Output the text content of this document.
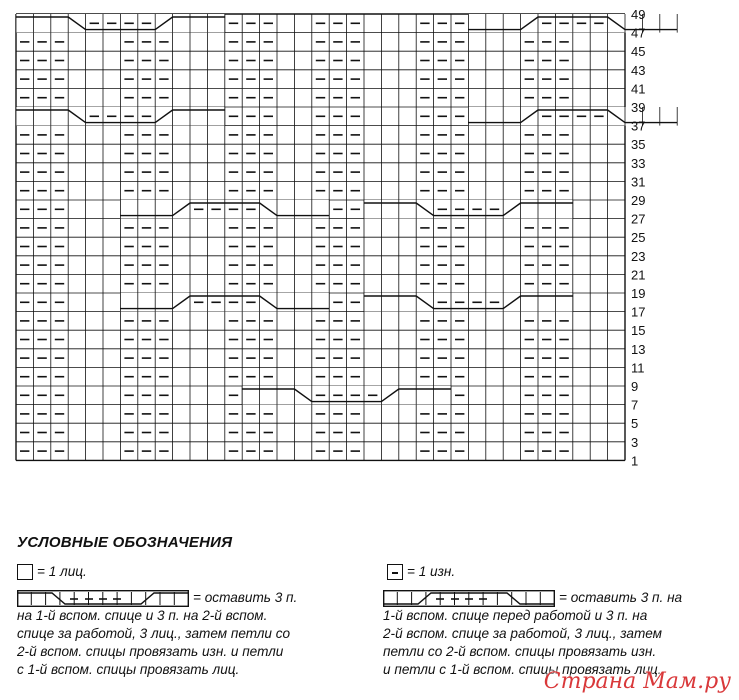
49
47
45
43
41
39
37
35
33
31
29
27
25
23
21
19
17
15
13
11
9
7
5
3
1
УСЛОВНЫЕ ОБОЗНАЧЕНИЯ
= 1 лиц.	= 1 изн.
= оставить 3 п.
на 1-й вспом. спице и 3 п. на 2-й вспом.
спице за работой, 3 лиц., затем петли со
2-й вспом. спицы провязать изн. и петли
с 1-й вспом. спицы провязать лиц.
= оставить 3 п. на
1-й вспом. спице перед работой и 3 п. на
2-й вспом. спице за работой, 3 лиц., затем
петли со 2-й вспом. спицы провязать изн.
и петли с 1-й вспом. спицы провязать лиц.
Страна Мам.ру
